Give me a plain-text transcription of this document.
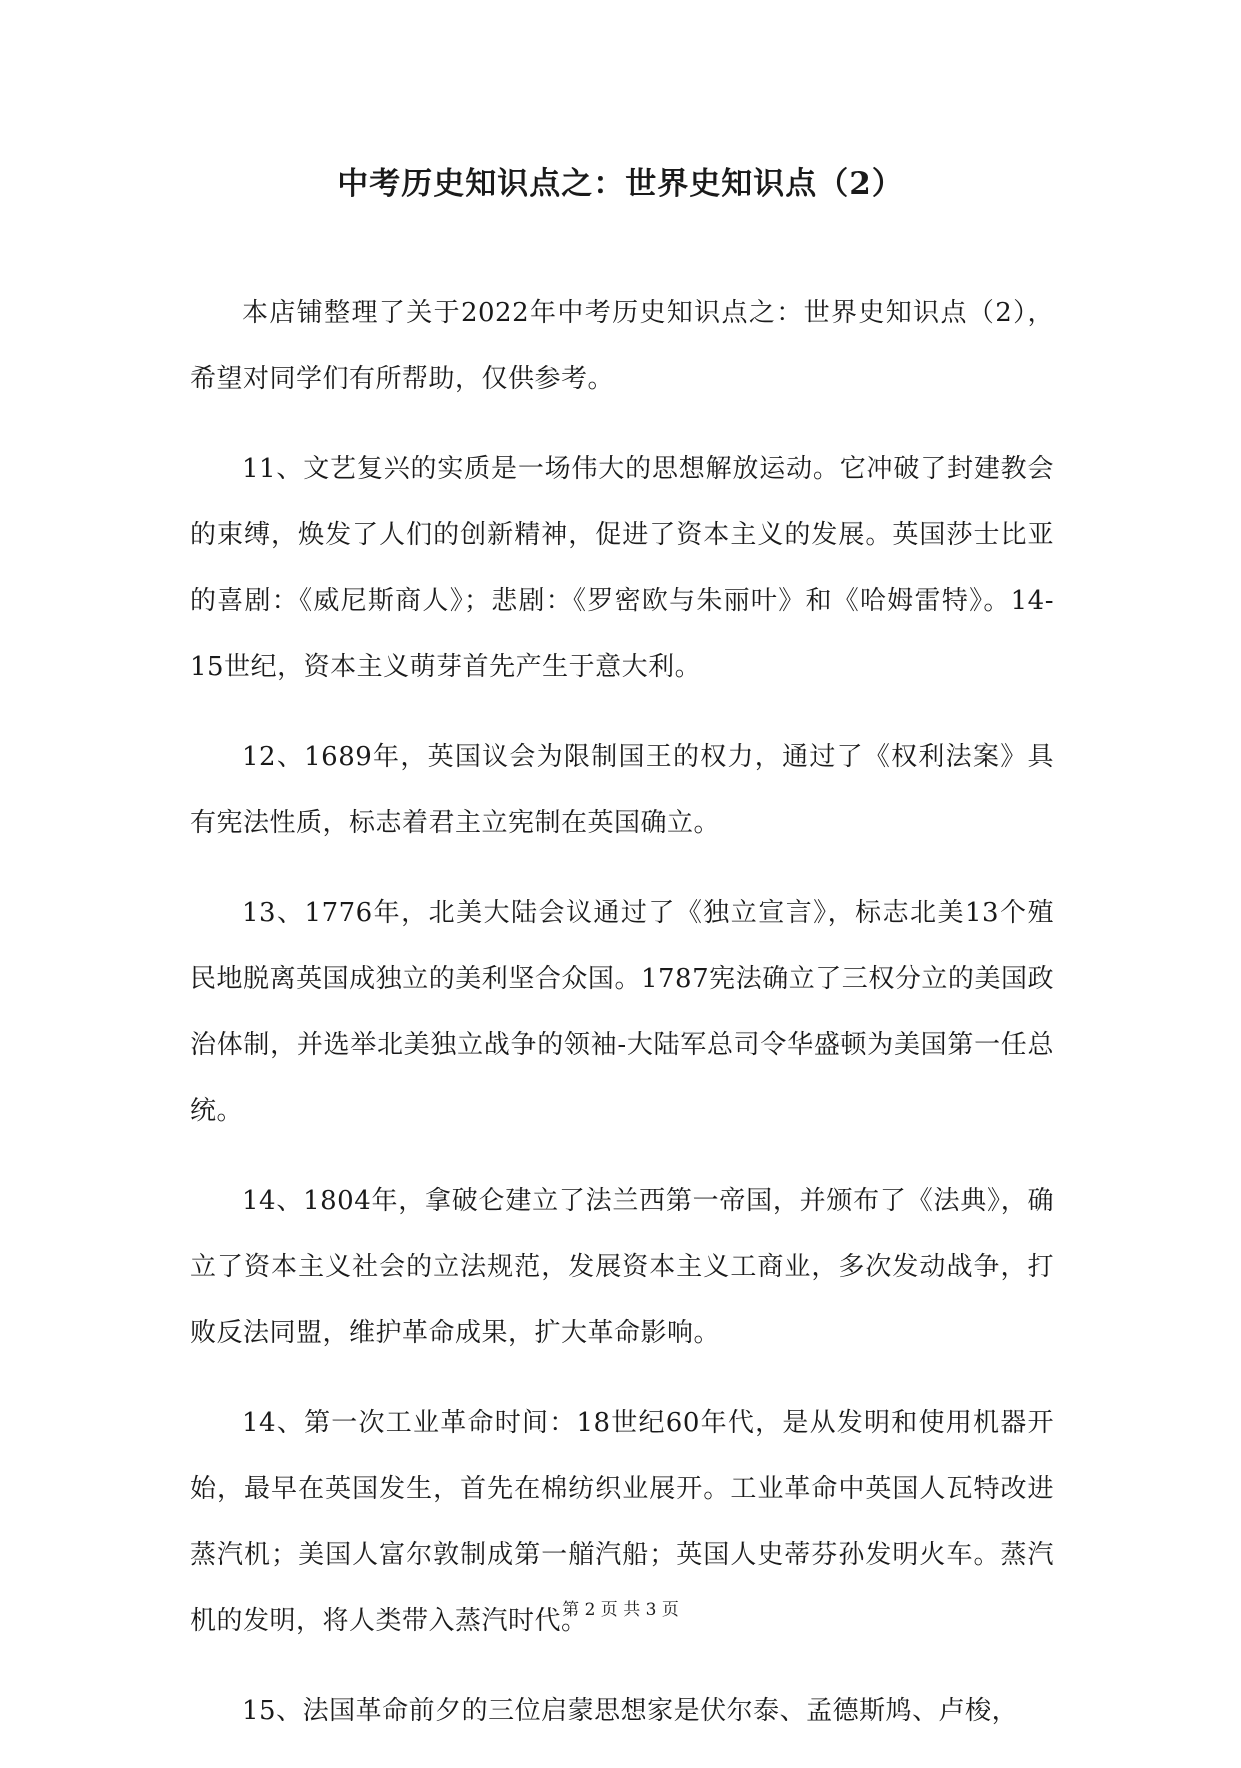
中考历史知识点之：世界史知识点（2）

本店铺整理了关于2022年中考历史知识点之：世界史知识点（2），希望对同学们有所帮助，仅供参考。

11、文艺复兴的实质是一场伟大的思想解放运动。它冲破了封建教会的束缚，焕发了人们的创新精神，促进了资本主义的发展。英国莎士比亚的喜剧：《威尼斯商人》；悲剧：《罗密欧与朱丽叶》和《哈姆雷特》。14-15世纪，资本主义萌芽首先产生于意大利。

12、1689年，英国议会为限制国王的权力，通过了《权利法案》具有宪法性质，标志着君主立宪制在英国确立。

13、1776年，北美大陆会议通过了《独立宣言》，标志北美13个殖民地脱离英国成独立的美利坚合众国。1787宪法确立了三权分立的美国政治体制，并选举北美独立战争的领袖-大陆军总司令华盛顿为美国第一任总统。

14、1804年，拿破仑建立了法兰西第一帝国，并颁布了《法典》，确立了资本主义社会的立法规范，发展资本主义工商业，多次发动战争，打败反法同盟，维护革命成果，扩大革命影响。

14、第一次工业革命时间：18世纪60年代，是从发明和使用机器开始，最早在英国发生，首先在棉纺织业展开。工业革命中英国人瓦特改进蒸汽机；美国人富尔敦制成第一艏汽船；英国人史蒂芬孙发明火车。蒸汽机的发明，将人类带入蒸汽时代。

15、法国革命前夕的三位启蒙思想家是伏尔泰、孟德斯鸠、卢梭，

第 2 页 共 3 页
